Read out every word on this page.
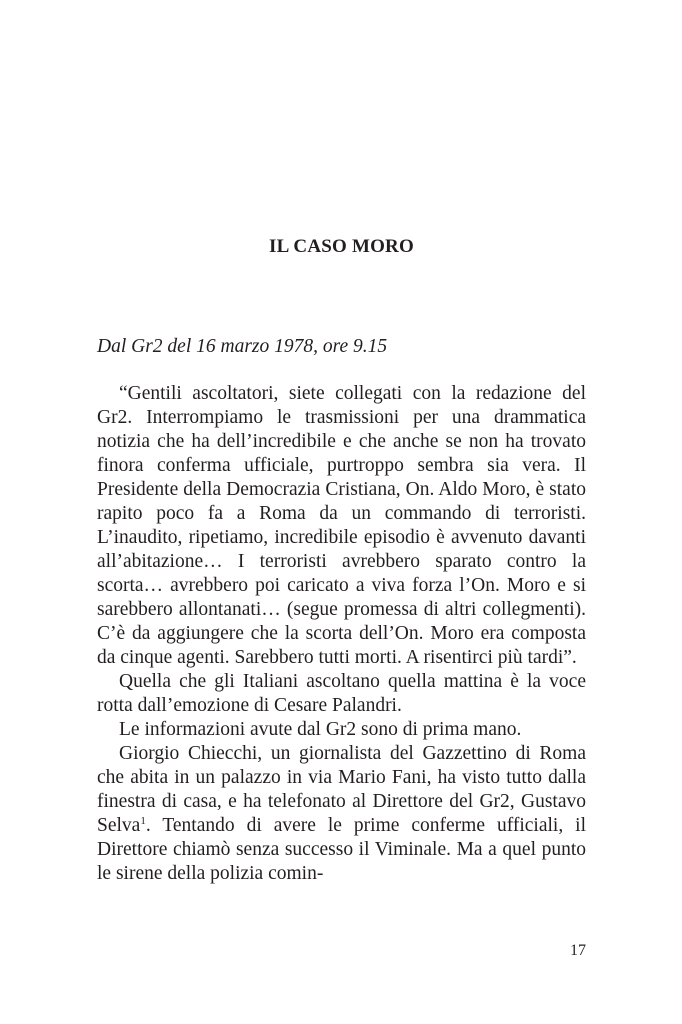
IL CASO MORO
Dal Gr2 del 16 marzo 1978, ore 9.15

“Gentili ascoltatori, siete collegati con la redazione del Gr2. Interrompiamo le trasmissioni per una drammatica notizia che ha dell’incredibile e che anche se non ha trovato finora conferma ufficiale, purtroppo sembra sia vera. Il Presidente della Democrazia Cristiana, On. Aldo Moro, è stato rapito poco fa a Roma da un commando di terroristi. L’inaudito, ripetiamo, incredibile episodio è avvenuto davanti all’abitazione… I terroristi avrebbero sparato contro la scorta… avrebbero poi caricato a viva forza l’On. Moro e si sarebbero allontanati… (segue promessa di altri collegmenti). C’è da aggiungere che la scorta dell’On. Moro era composta da cinque agenti. Sarebbero tutti morti. A risentirci più tardi”.

Quella che gli Italiani ascoltano quella mattina è la voce rotta dall’emozione di Cesare Palandri.

Le informazioni avute dal Gr2 sono di prima mano.

Giorgio Chiecchi, un giornalista del Gazzettino di Roma che abita in un palazzo in via Mario Fani, ha visto tutto dalla finestra di casa, e ha telefonato al Direttore del Gr2, Gustavo Selva$^1$. Tentando di avere le prime conferme ufficiali, il Direttore chiamò senza successo il Viminale. Ma a quel punto le sirene della polizia comin-

17
